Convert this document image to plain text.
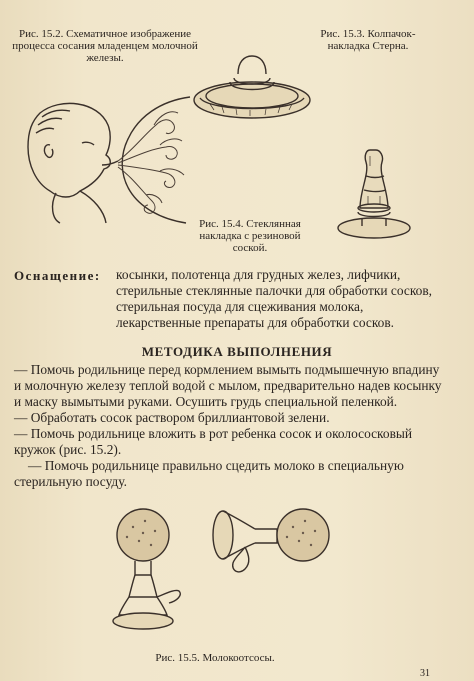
Рис. 15.2. Схематичное изображение процесса сосания младенцем молочной железы.
Рис. 15.3. Колпачок-накладка Стерна.
Рис. 15.4. Стеклянная накладка с резиновой соской.
Оснащение: косынки, полотенца для грудных желез, лифчики, стерильные стеклянные палочки для обработки сосков, стерильная посуда для сцеживания молока, лекарственные препараты для обработки сосков.
МЕТОДИКА ВЫПОЛНЕНИЯ

— Помочь родильнице перед кормлением вымыть подмышечную впадину и молочную железу теплой водой с мылом, предварительно надев косынку и маску вымытыми руками. Осушить грудь специальной пеленкой.

— Обработать сосок раствором бриллиантовой зелени.

— Помочь родильнице вложить в рот ребенка сосок и околососковый кружок (рис. 15.2).

— Помочь родильнице правильно сцедить молоко в специальную стерильную посуду.

Рис. 15.5. Молокоотсосы.
31
